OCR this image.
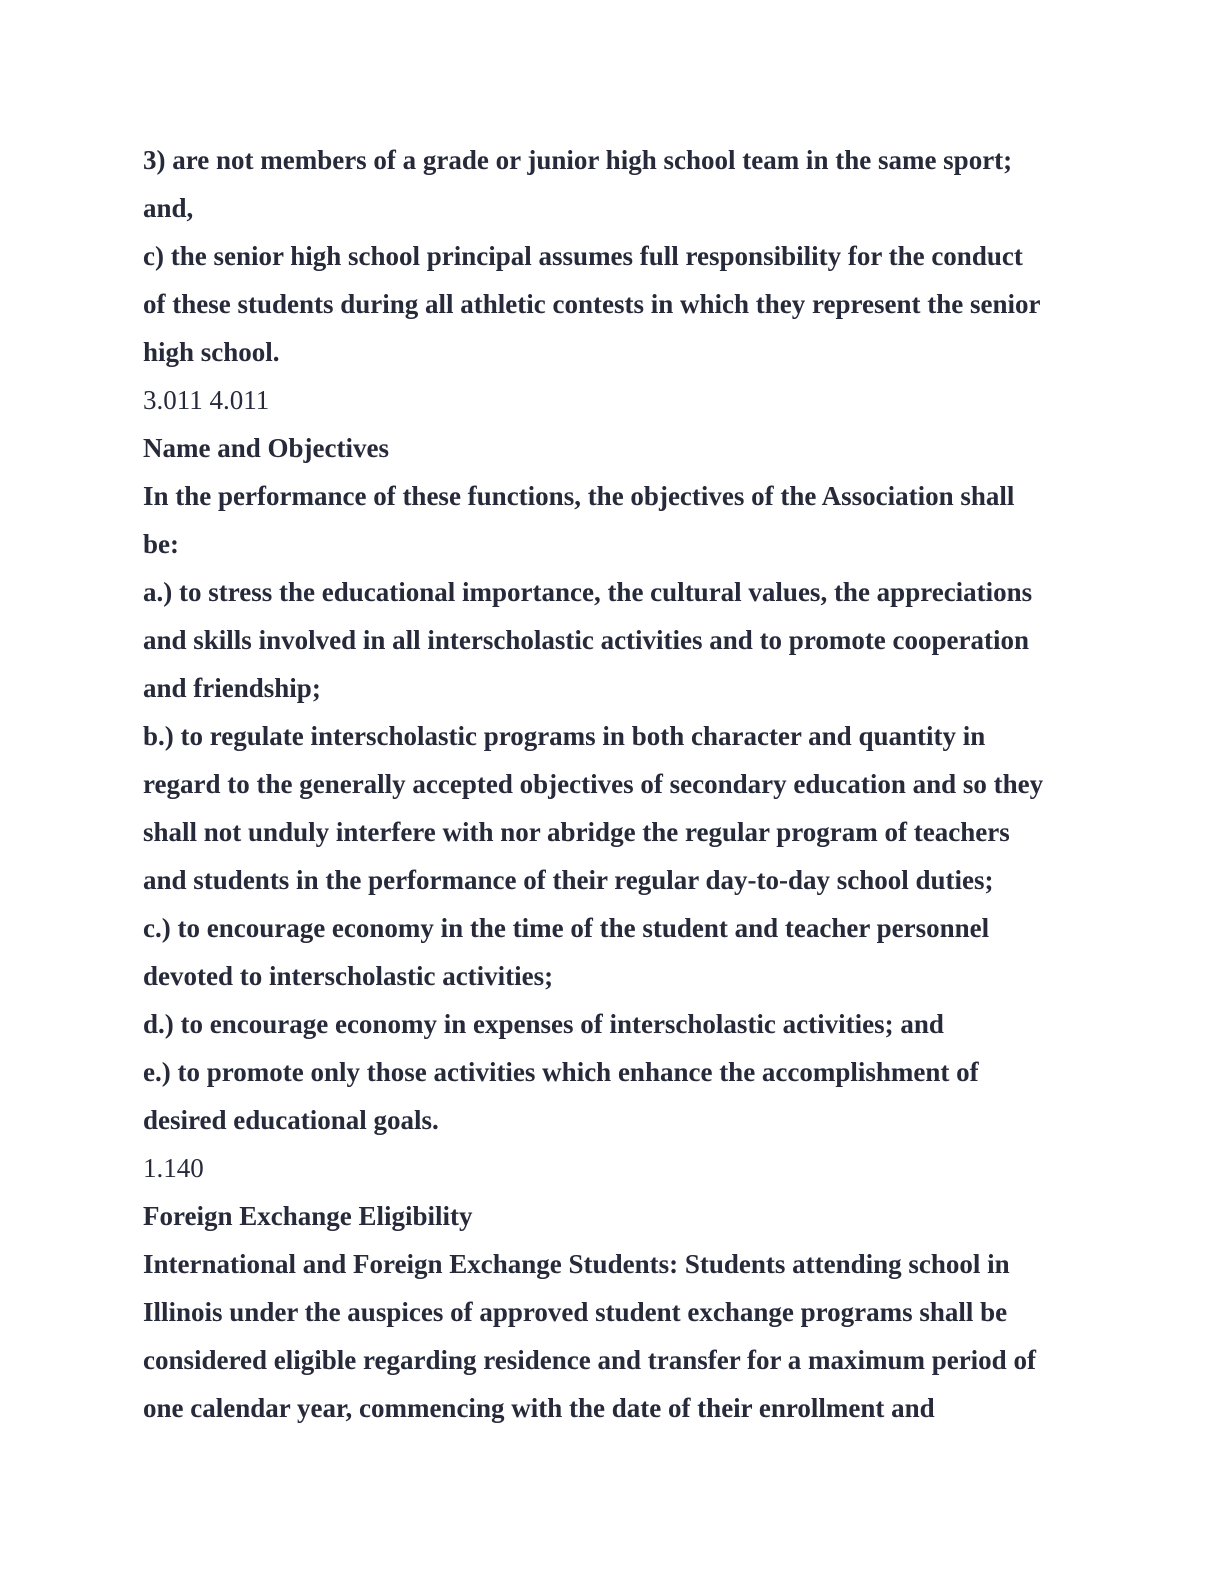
3) are not members of a grade or junior high school team in the same sport;
and,
c) the senior high school principal assumes full responsibility for the conduct
of these students during all athletic contests in which they represent the senior
high school.
3.011 4.011
Name and Objectives
In the performance of these functions, the objectives of the Association shall
be:
a.) to stress the educational importance, the cultural values, the appreciations
and skills involved in all interscholastic activities and to promote cooperation
and friendship;
b.) to regulate interscholastic programs in both character and quantity in
regard to the generally accepted objectives of secondary education and so they
shall not unduly interfere with nor abridge the regular program of teachers
and students in the performance of their regular day-to-day school duties;
c.) to encourage economy in the time of the student and teacher personnel
devoted to interscholastic activities;
d.) to encourage economy in expenses of interscholastic activities; and
e.) to promote only those activities which enhance the accomplishment of
desired educational goals.
1.140
Foreign Exchange Eligibility
International and Foreign Exchange Students: Students attending school in
Illinois under the auspices of approved student exchange programs shall be
considered eligible regarding residence and transfer for a maximum period of
one calendar year, commencing with the date of their enrollment and
